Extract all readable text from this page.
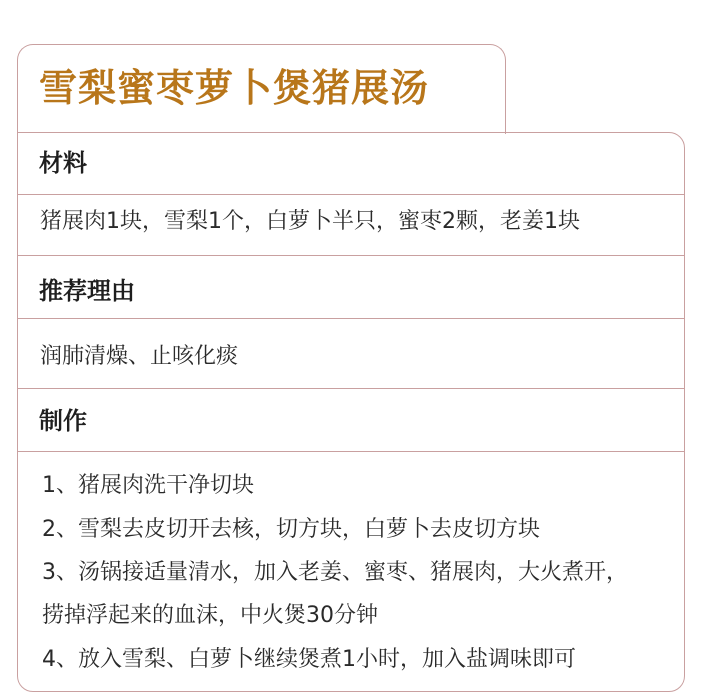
雪梨蜜枣萝卜煲猪展汤
材料
猪展肉1块，雪梨1个，白萝卜半只，蜜枣2颗，老姜1块
推荐理由
润肺清燥、止咳化痰
制作
1、猪展肉洗干净切块
2、雪梨去皮切开去核，切方块，白萝卜去皮切方块
3、汤锅接适量清水，加入老姜、蜜枣、猪展肉，大火煮开，
捞掉浮起来的血沫，中火煲30分钟
4、放入雪梨、白萝卜继续煲煮1小时，加入盐调味即可
